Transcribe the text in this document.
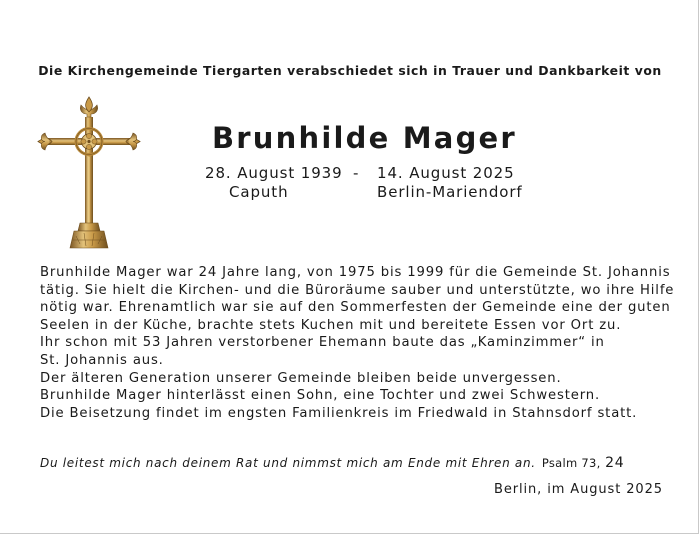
Die Kirchengemeinde Tiergarten verabschiedet sich in Trauer und Dankbarkeit von
Brunhilde Mager
28. August 1939 - 14. August 2025
Caputh	Berlin-Mariendorf
Brunhilde Mager war 24 Jahre lang, von 1975 bis 1999 für die Gemeinde St. Johannis
tätig. Sie hielt die Kirchen- und die Büroräume sauber und unterstützte, wo ihre Hilfe
nötig war. Ehrenamtlich war sie auf den Sommerfesten der Gemeinde eine der guten
Seelen in der Küche, brachte stets Kuchen mit und bereitete Essen vor Ort zu.
Ihr schon mit 53 Jahren verstorbener Ehemann baute das „Kaminzimmer“ in
St. Johannis aus.
Der älteren Generation unserer Gemeinde bleiben beide unvergessen.
Brunhilde Mager hinterlässt einen Sohn, eine Tochter und zwei Schwestern.
Die Beisetzung findet im engsten Familienkreis im Friedwald in Stahnsdorf statt.
Du leitest mich nach deinem Rat und nimmst mich am Ende mit Ehren an. Psalm 73, 24
Berlin, im August 2025
